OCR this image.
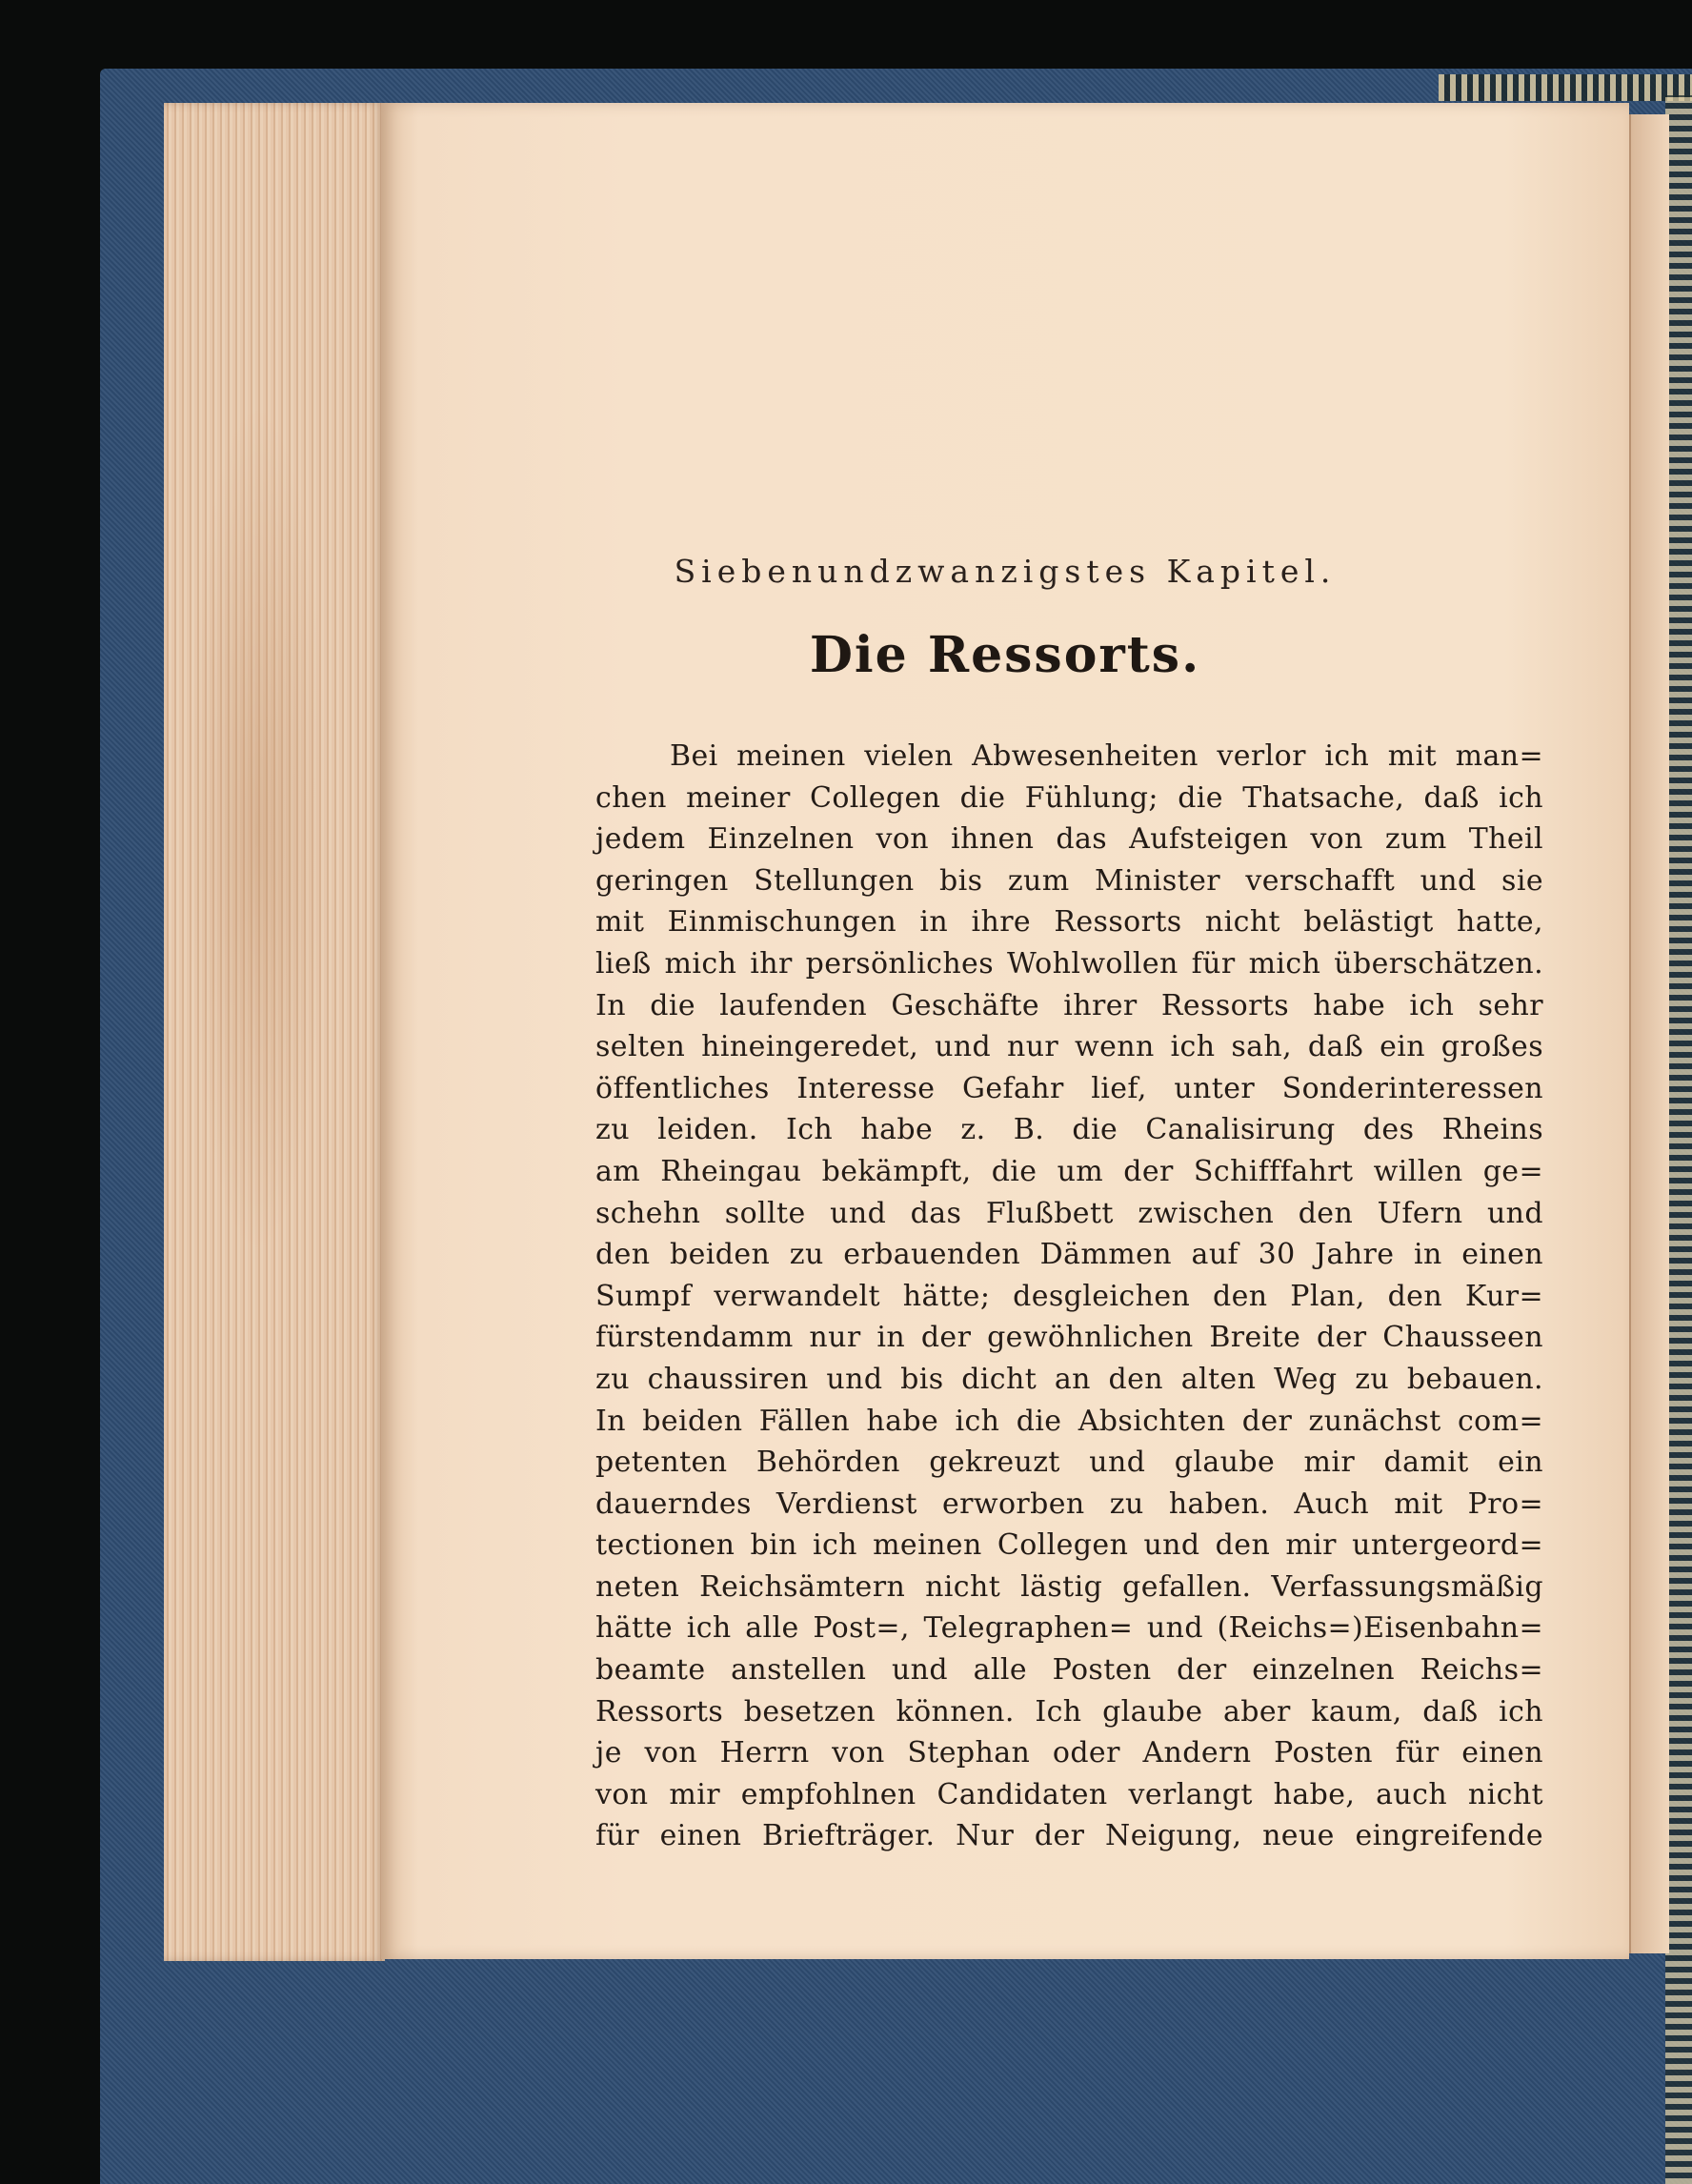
Siebenundzwanzigstes Kapitel.
Die Ressorts.
Bei meinen vielen Abwesenheiten verlor ich mit man=
chen meiner Collegen die Fühlung; die Thatsache, daß ich
jedem Einzelnen von ihnen das Aufsteigen von zum Theil
geringen Stellungen bis zum Minister verschafft und sie
mit Einmischungen in ihre Ressorts nicht belästigt hatte,
ließ mich ihr persönliches Wohlwollen für mich überschätzen.
In die laufenden Geschäfte ihrer Ressorts habe ich sehr
selten hineingeredet, und nur wenn ich sah, daß ein großes
öffentliches Interesse Gefahr lief, unter Sonderinteressen
zu leiden. Ich habe z. B. die Canalisirung des Rheins
am Rheingau bekämpft, die um der Schifffahrt willen ge=
schehn sollte und das Flußbett zwischen den Ufern und
den beiden zu erbauenden Dämmen auf 30 Jahre in einen
Sumpf verwandelt hätte; desgleichen den Plan, den Kur=
fürstendamm nur in der gewöhnlichen Breite der Chausseen
zu chaussiren und bis dicht an den alten Weg zu bebauen.
In beiden Fällen habe ich die Absichten der zunächst com=
petenten Behörden gekreuzt und glaube mir damit ein
dauerndes Verdienst erworben zu haben. Auch mit Pro=
tectionen bin ich meinen Collegen und den mir untergeord=
neten Reichsämtern nicht lästig gefallen. Verfassungsmäßig
hätte ich alle Post=, Telegraphen= und (Reichs=)Eisenbahn=
beamte anstellen und alle Posten der einzelnen Reichs=
Ressorts besetzen können. Ich glaube aber kaum, daß ich
je von Herrn von Stephan oder Andern Posten für einen
von mir empfohlnen Candidaten verlangt habe, auch nicht
für einen Briefträger. Nur der Neigung, neue eingreifende
